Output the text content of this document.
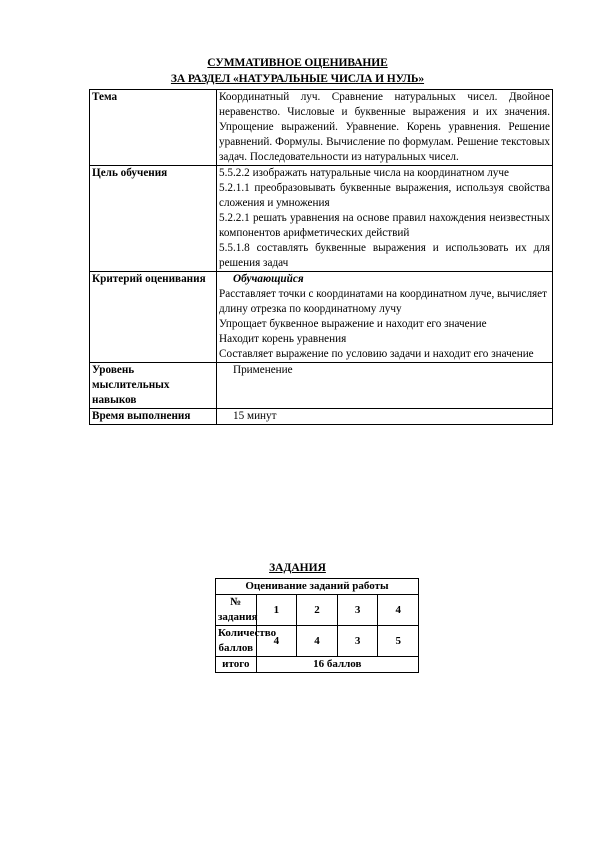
СУММАТИВНОЕ ОЦЕНИВАНИЕ
ЗА РАЗДЕЛ «НАТУРАЛЬНЫЕ ЧИСЛА И НУЛЬ»
Тема	Координатный луч. Сравнение натуральных чисел. Двойное неравенство. Числовые и буквенные выражения и их значения. Упрощение выражений. Уравнение. Корень уравнения. Решение уравнений. Формулы. Вычисление по формулам. Решение текстовых задач. Последовательности из натуральных чисел.
Цель обучения	5.5.2.2 изображать натуральные числа на координатном луче
5.2.1.1 преобразовывать буквенные выражения, используя свойства сложения и умножения
5.2.2.1 решать уравнения на основе правил нахождения неизвестных компонентов арифметических действий
5.5.1.8 составлять буквенные выражения и использовать их для решения задач

Критерий оценивания	Обучающийся
Расставляет точки с координатами на координатном луче, вычисляет длину отрезка по координатному лучу
Упрощает буквенное выражение и находит его значение
Находит корень уравнения
Составляет выражение по условию задачи и находит его значение

Уровень мыслительных навыков	Применение
Время выполнения	15 минут
ЗАДАНИЯ
Оценивание заданий работы				
№ задания	1	2	3	4
Количество баллов	4	4	3	5
итого	16 баллов			
